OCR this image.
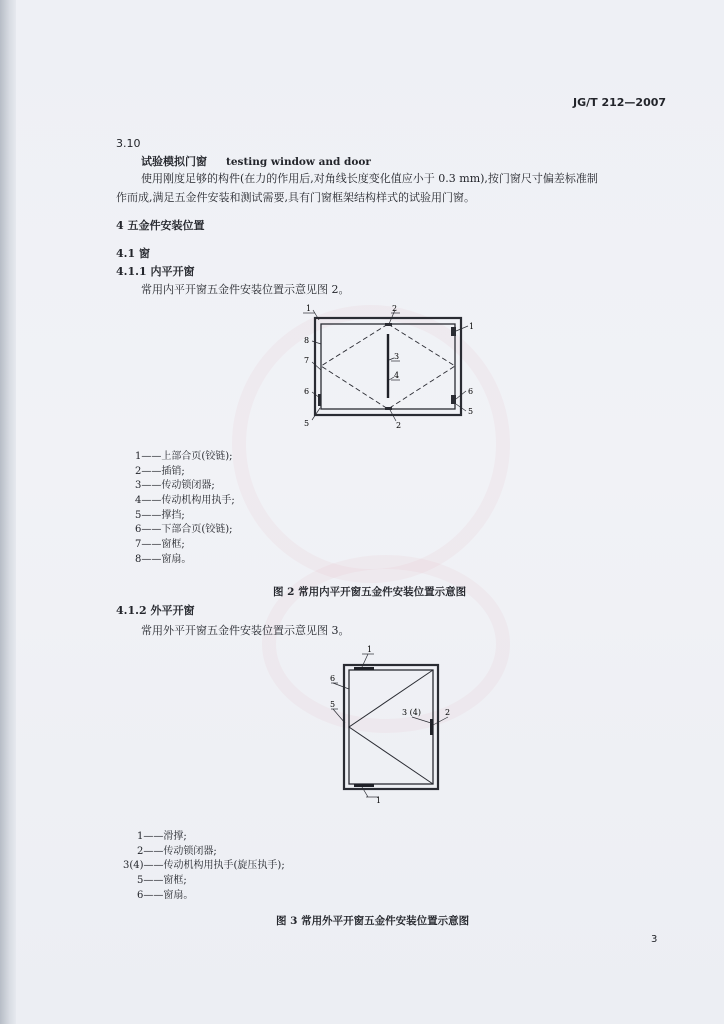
JG/T 212—2007
3.10
试验模拟门窗 testing window and door
使用刚度足够的构件(在力的作用后,对角线长度变化值应小于 0.3 mm),按门窗尺寸偏差标准制
作而成,满足五金件安装和测试需要,具有门窗框架结构样式的试验用门窗。
4 五金件安装位置
4.1 窗
4.1.1 内平开窗
常用内平开窗五金件安装位置示意见图 2。
1	2
1
8
3
7
4
6	6
5
5	2
1——上部合页(铰链);
2——插销;
3——传动锁闭器;
4——传动机构用执手;
5——撑挡;
6——下部合页(铰链);
7——窗框;
8——窗扇。
图 2 常用内平开窗五金件安装位置示意图
4.1.2 外平开窗
常用外平开窗五金件安装位置示意见图 3。
1
6
5
3 (4)	2
1
1——滑撑;
2——传动锁闭器;
3(4)——传动机构用执手(旋压执手);
5——窗框;
6——窗扇。
图 3 常用外平开窗五金件安装位置示意图
3
